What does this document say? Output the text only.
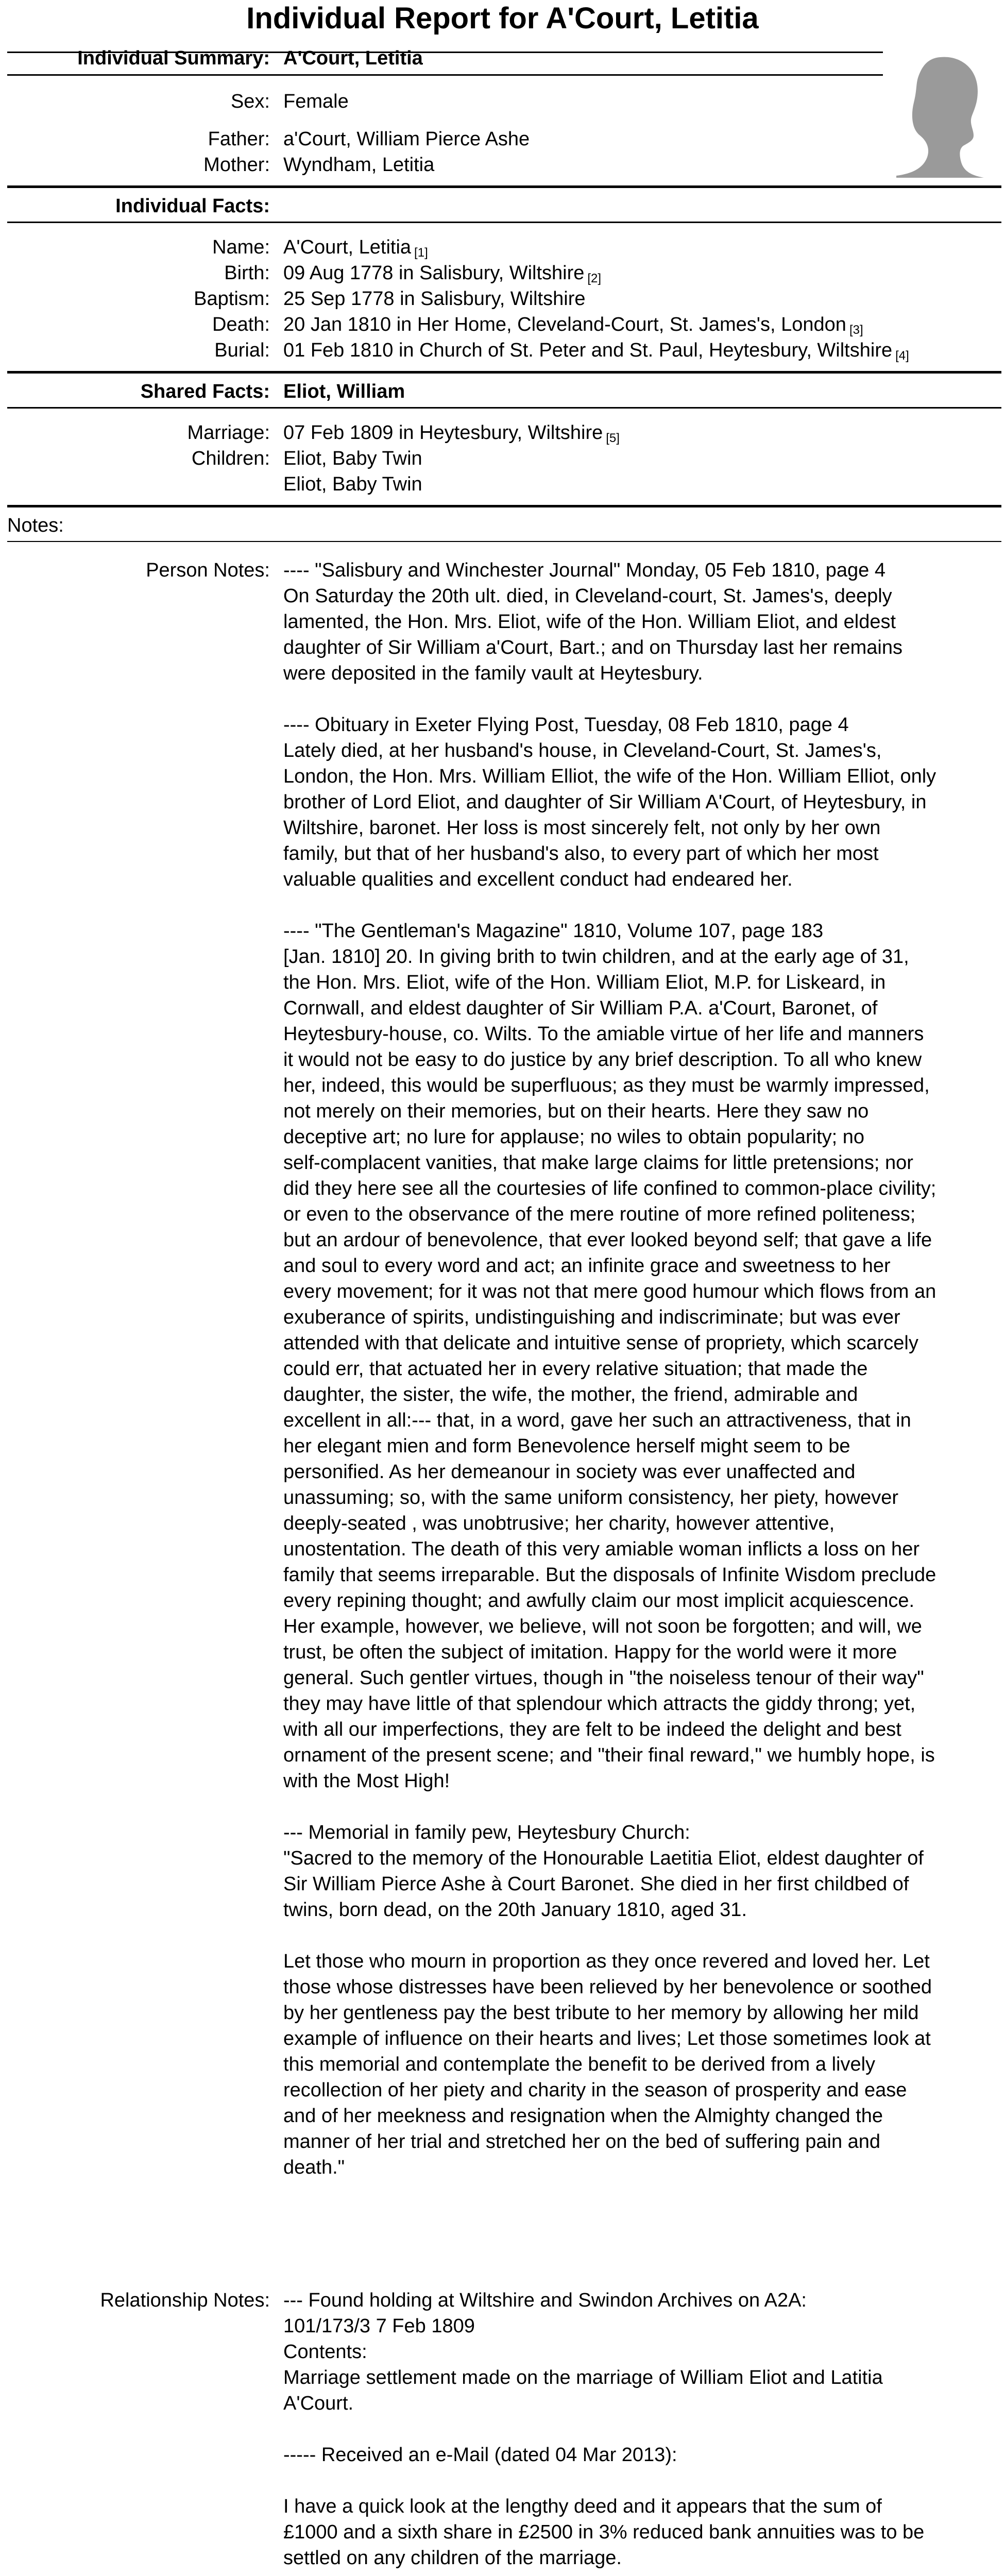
Individual Report for A'Court, Letitia
Individual Summary: A'Court, Letitia
Sex: Female
Father: a'Court, William Pierce Ashe
Mother: Wyndham, Letitia
Individual Facts:
Name: A'Court, Letitia $_{[1]}$
Birth: 09 Aug 1778 in Salisbury, Wiltshire $_{[2]}$
Baptism: 25 Sep 1778 in Salisbury, Wiltshire
Death: 20 Jan 1810 in Her Home, Cleveland-Court, St. James's, London $_{[3]}$
Burial: 01 Feb 1810 in Church of St. Peter and St. Paul, Heytesbury, Wiltshire $_{[4]}$
Shared Facts: Eliot, William
Marriage: 07 Feb 1809 in Heytesbury, Wiltshire $_{[5]}$
Children: Eliot, Baby Twin
Eliot, Baby Twin
Notes:
Person Notes: ---- "Salisbury and Winchester Journal" Monday, 05 Feb 1810, page 4
On Saturday the 20th ult. died, in Cleveland-court, St. James's, deeply
lamented, the Hon. Mrs. Eliot, wife of the Hon. William Eliot, and eldest
daughter of Sir William a'Court, Bart.; and on Thursday last her remains
were deposited in the family vault at Heytesbury.
---- Obituary in Exeter Flying Post, Tuesday, 08 Feb 1810, page 4
Lately died, at her husband's house, in Cleveland-Court, St. James's,
London, the Hon. Mrs. William Elliot, the wife of the Hon. William Elliot, only
brother of Lord Eliot, and daughter of Sir William A'Court, of Heytesbury, in
Wiltshire, baronet. Her loss is most sincerely felt, not only by her own
family, but that of her husband's also, to every part of which her most
valuable qualities and excellent conduct had endeared her.
---- "The Gentleman's Magazine" 1810, Volume 107, page 183
[Jan. 1810] 20. In giving brith to twin children, and at the early age of 31,
the Hon. Mrs. Eliot, wife of the Hon. William Eliot, M.P. for Liskeard, in
Cornwall, and eldest daughter of Sir William P.A. a'Court, Baronet, of
Heytesbury-house, co. Wilts. To the amiable virtue of her life and manners
it would not be easy to do justice by any brief description. To all who knew
her, indeed, this would be superfluous; as they must be warmly impressed,
not merely on their memories, but on their hearts. Here they saw no
deceptive art; no lure for applause; no wiles to obtain popularity; no
self-complacent vanities, that make large claims for little pretensions; nor
did they here see all the courtesies of life confined to common-place civility;
or even to the observance of the mere routine of more refined politeness;
but an ardour of benevolence, that ever looked beyond self; that gave a life
and soul to every word and act; an infinite grace and sweetness to her
every movement; for it was not that mere good humour which flows from an
exuberance of spirits, undistinguishing and indiscriminate; but was ever
attended with that delicate and intuitive sense of propriety, which scarcely
could err, that actuated her in every relative situation; that made the
daughter, the sister, the wife, the mother, the friend, admirable and
excellent in all:--- that, in a word, gave her such an attractiveness, that in
her elegant mien and form Benevolence herself might seem to be
personified. As her demeanour in society was ever unaffected and
unassuming; so, with the same uniform consistency, her piety, however
deeply-seated , was unobtrusive; her charity, however attentive,
unostentation. The death of this very amiable woman inflicts a loss on her
family that seems irreparable. But the disposals of Infinite Wisdom preclude
every repining thought; and awfully claim our most implicit acquiescence.
Her example, however, we believe, will not soon be forgotten; and will, we
trust, be often the subject of imitation. Happy for the world were it more
general. Such gentler virtues, though in "the noiseless tenour of their way"
they may have little of that splendour which attracts the giddy throng; yet,
with all our imperfections, they are felt to be indeed the delight and best
ornament of the present scene; and "their final reward," we humbly hope, is
with the Most High!
--- Memorial in family pew, Heytesbury Church:
"Sacred to the memory of the Honourable Laetitia Eliot, eldest daughter of
Sir William Pierce Ashe à Court Baronet. She died in her first childbed of
twins, born dead, on the 20th January 1810, aged 31.
Let those who mourn in proportion as they once revered and loved her. Let
those whose distresses have been relieved by her benevolence or soothed
by her gentleness pay the best tribute to her memory by allowing her mild
example of influence on their hearts and lives; Let those sometimes look at
this memorial and contemplate the benefit to be derived from a lively
recollection of her piety and charity in the season of prosperity and ease
and of her meekness and resignation when the Almighty changed the
manner of her trial and stretched her on the bed of suffering pain and
death."
Relationship Notes: --- Found holding at Wiltshire and Swindon Archives on A2A:
101/173/3 7 Feb 1809
Contents:
Marriage settlement made on the marriage of William Eliot and Latitia
A'Court.
----- Received an e-Mail (dated 04 Mar 2013):
I have a quick look at the lengthy deed and it appears that the sum of
£1000 and a sixth share in £2500 in 3% reduced bank annuities was to be
settled on any children of the marriage.
